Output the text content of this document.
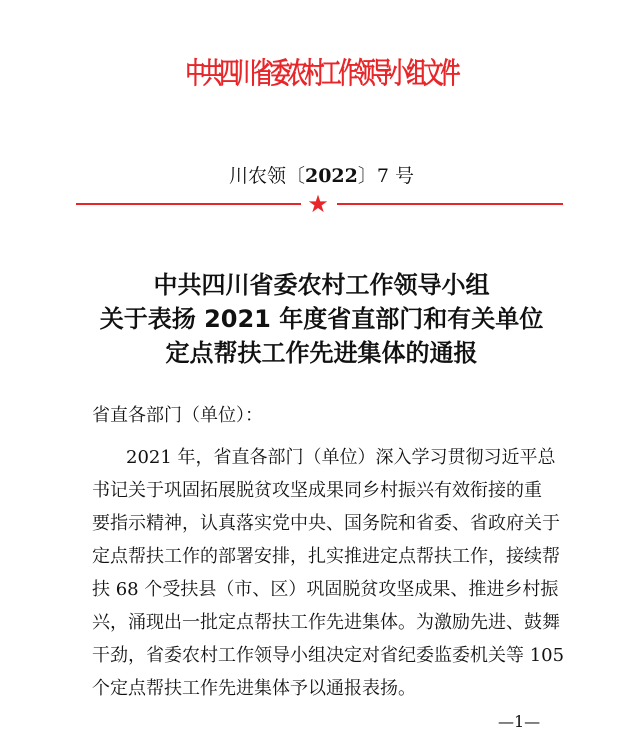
中共四川省委农村工作领导小组文件
川农领〔2022〕7 号
★
中共四川省委农村工作领导小组
关于表扬 2021 年度省直部门和有关单位
定点帮扶工作先进集体的通报
省直各部门（单位）：
2021 年，省直各部门（单位）深入学习贯彻习近平总
书记关于巩固拓展脱贫攻坚成果同乡村振兴有效衔接的重
要指示精神，认真落实党中央、国务院和省委、省政府关于
定点帮扶工作的部署安排，扎实推进定点帮扶工作，接续帮
扶 68 个受扶县（市、区）巩固脱贫攻坚成果、推进乡村振
兴，涌现出一批定点帮扶工作先进集体。为激励先进、鼓舞
干劲，省委农村工作领导小组决定对省纪委监委机关等 105
个定点帮扶工作先进集体予以通报表扬。
—1—
